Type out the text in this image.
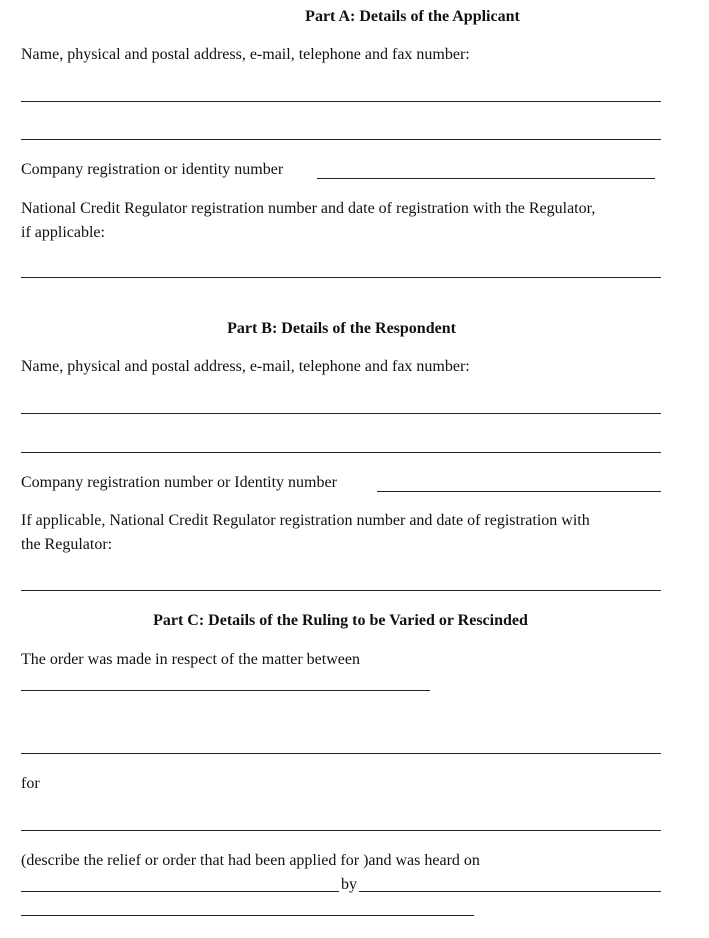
Part A: Details of the Applicant
Name, physical and postal address, e-mail, telephone and fax number:
Company registration or identity number
National Credit Regulator registration number and date of registration with the Regulator,
if applicable:
Part B: Details of the Respondent
Name, physical and postal address, e-mail, telephone and fax number:
Company registration number or Identity number
If applicable, National Credit Regulator registration number and date of registration with
the Regulator:
Part C: Details of the Ruling to be Varied or Rescinded
The order was made in respect of the matter between
for
(describe the relief or order that had been applied for )and was heard on
by
